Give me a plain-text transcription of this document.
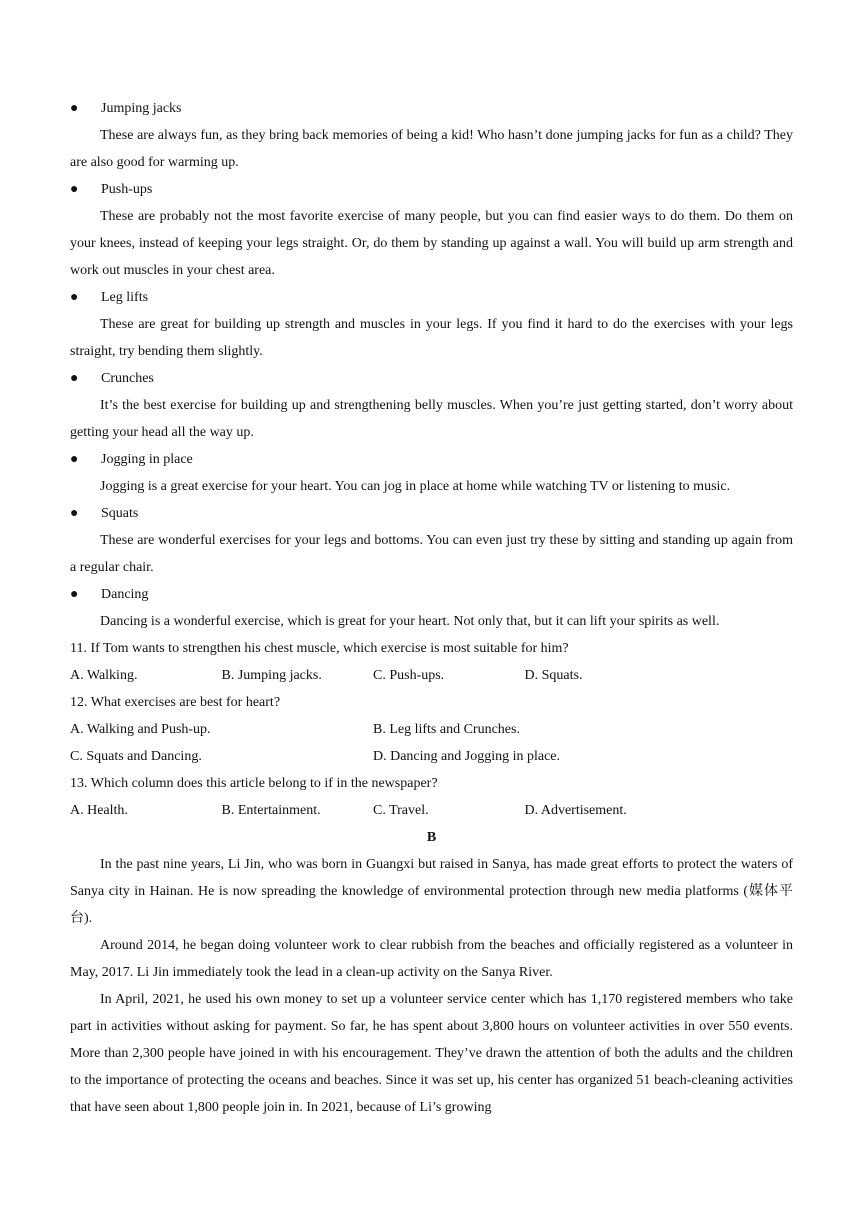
●	Jumping jacks

These are always fun, as they bring back memories of being a kid! Who hasn’t done jumping jacks for fun as a child? They are also good for warming up.

●	Push-ups

These are probably not the most favorite exercise of many people, but you can find easier ways to do them. Do them on your knees, instead of keeping your legs straight. Or, do them by standing up against a wall. You will build up arm strength and work out muscles in your chest area.

●	Leg lifts

These are great for building up strength and muscles in your legs. If you find it hard to do the exercises with your legs straight, try bending them slightly.

●	Crunches

It’s the best exercise for building up and strengthening belly muscles. When you’re just getting started, don’t worry about getting your head all the way up.

●	Jogging in place

Jogging is a great exercise for your heart. You can jog in place at home while watching TV or listening to music.

●	Squats

These are wonderful exercises for your legs and bottoms. You can even just try these by sitting and standing up again from a regular chair.

●	Dancing

Dancing is a wonderful exercise, which is great for your heart. Not only that, but it can lift your spirits as well.

11. If Tom wants to strengthen his chest muscle, which exercise is most suitable for him?

A. Walking.	B. Jumping jacks.	C. Push-ups.	D. Squats.

12. What exercises are best for heart?

A. Walking and Push-up.	B. Leg lifts and Crunches.
C. Squats and Dancing.	D. Dancing and Jogging in place.

13. Which column does this article belong to if in the newspaper?

A. Health.	B. Entertainment.	C. Travel.	D. Advertisement.

B

In the past nine years, Li Jin, who was born in Guangxi but raised in Sanya, has made great efforts to protect the waters of Sanya city in Hainan. He is now spreading the knowledge of environmental protection through new media platforms (媒体平台).

Around 2014, he began doing volunteer work to clear rubbish from the beaches and officially registered as a volunteer in May, 2017. Li Jin immediately took the lead in a clean-up activity on the Sanya River.

In April, 2021, he used his own money to set up a volunteer service center which has 1,170 registered members who take part in activities without asking for payment. So far, he has spent about 3,800 hours on volunteer activities in over 550 events. More than 2,300 people have joined in with his encouragement. They’ve drawn the attention of both the adults and the children to the importance of protecting the oceans and beaches. Since it was set up, his center has organized 51 beach-cleaning activities that have seen about 1,800 people join in. In 2021, because of Li’s growing
